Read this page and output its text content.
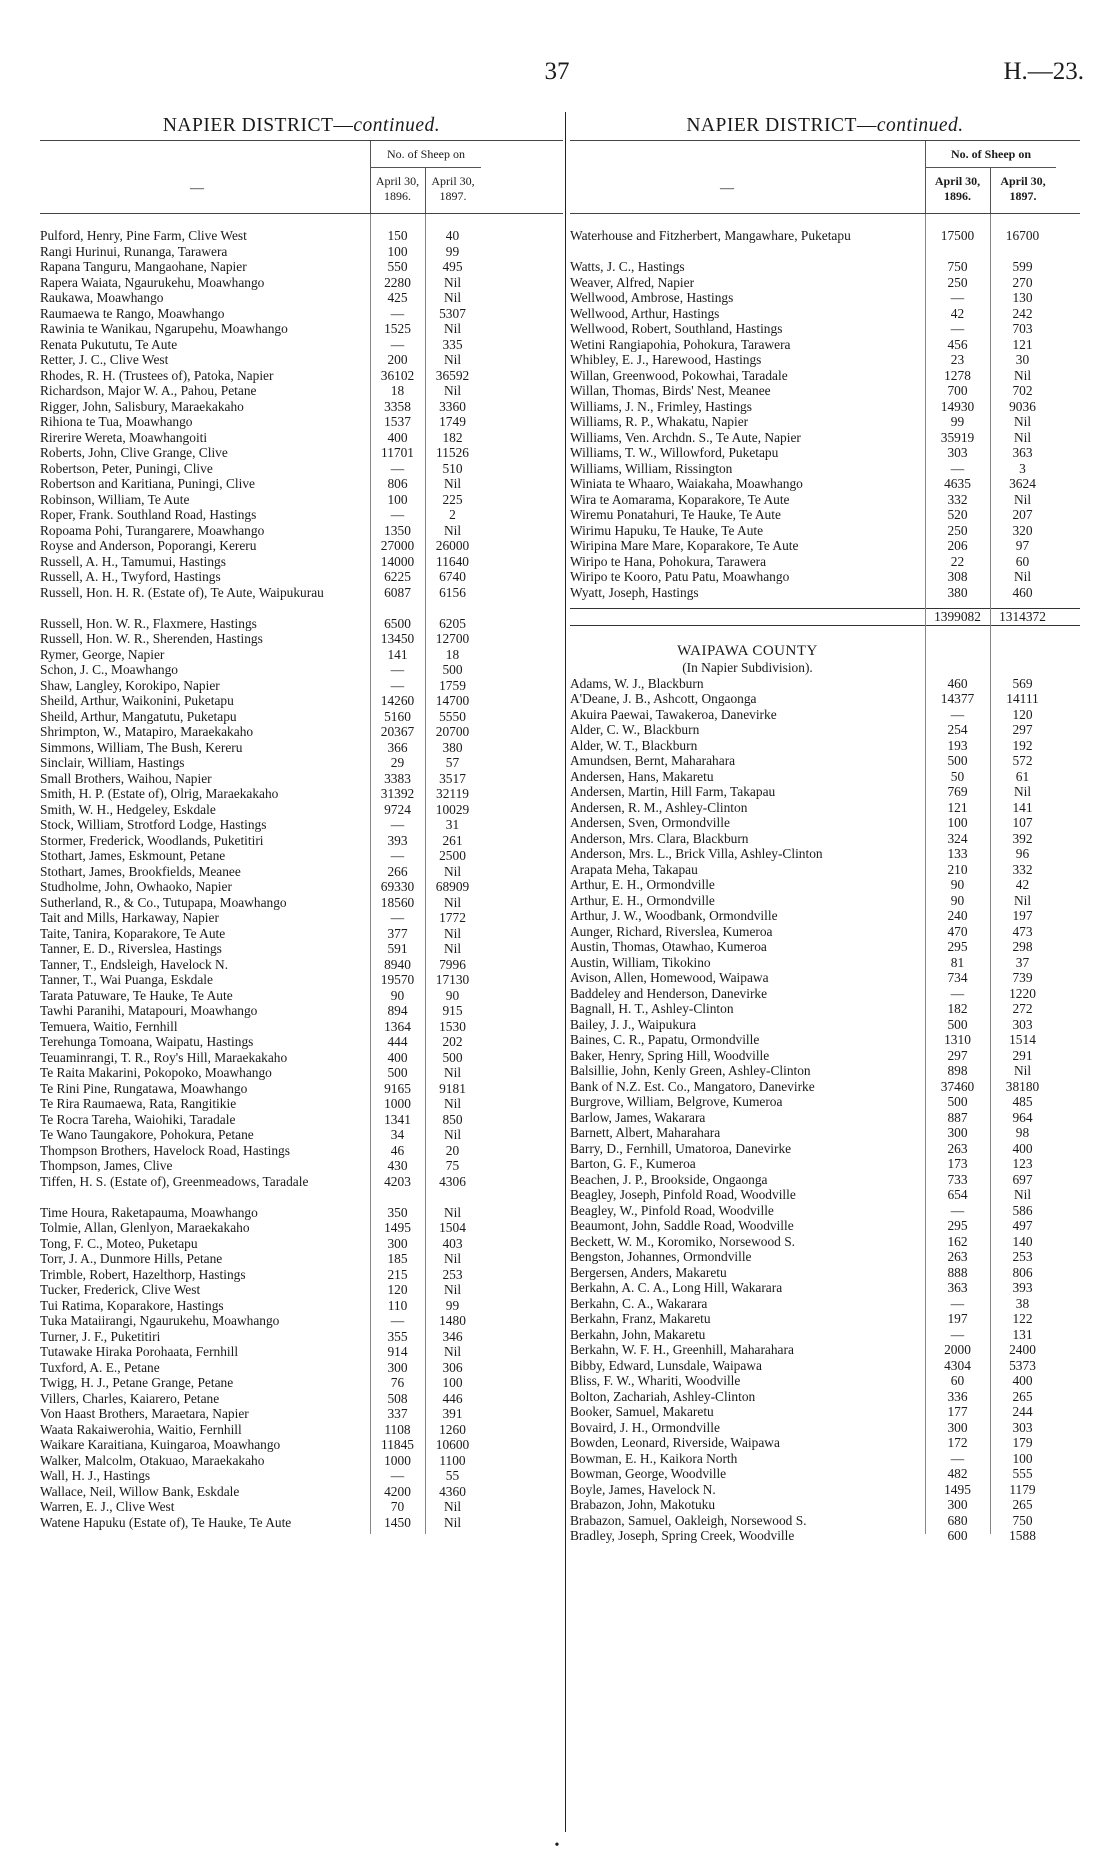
37	H.—23.
NAPIER DISTRICT—continued.
—
No. of Sheep on
April 30, 1896.
April 30, 1897.
Pulford, Henry, Pine Farm, Clive West	150	40
Rangi Hurinui, Runanga, Tarawera	100	99
Rapana Tanguru, Mangaohane, Napier	550	495
Rapera Waiata, Ngaurukehu, Moawhango	2280	Nil
Raukawa, Moawhango	425	Nil
Raumaewa te Rango, Moawhango	—	5307
Rawinia te Wanikau, Ngarupehu, Moawhango	1525	Nil
Renata Pukututu, Te Aute	—	335
Retter, J. C., Clive West	200	Nil
Rhodes, R. H. (Trustees of), Patoka, Napier	36102	36592
Richardson, Major W. A., Pahou, Petane	18	Nil
Rigger, John, Salisbury, Maraekakaho	3358	3360
Rihiona te Tua, Moawhango	1537	1749
Rirerire Wereta, Moawhangoiti	400	182
Roberts, John, Clive Grange, Clive	11701	11526
Robertson, Peter, Puningi, Clive	—	510
Robertson and Karitiana, Puningi, Clive	806	Nil
Robinson, William, Te Aute	100	225
Roper, Frank. Southland Road, Hastings	—	2
Ropoama Pohi, Turangarere, Moawhango	1350	Nil
Royse and Anderson, Poporangi, Kereru	27000	26000
Russell, A. H., Tamumui, Hastings	14000	11640
Russell, A. H., Twyford, Hastings	6225	6740
Russell, Hon. H. R. (Estate of), Te Aute, Waipukurau	6087	6156
Russell, Hon. W. R., Flaxmere, Hastings	6500	6205
Russell, Hon. W. R., Sherenden, Hastings	13450	12700
Rymer, George, Napier	141	18
Schon, J. C., Moawhango	—	500
Shaw, Langley, Korokipo, Napier	—	1759
Sheild, Arthur, Waikonini, Puketapu	14260	14700
Sheild, Arthur, Mangatutu, Puketapu	5160	5550
Shrimpton, W., Matapiro, Maraekakaho	20367	20700
Simmons, William, The Bush, Kereru	366	380
Sinclair, William, Hastings	29	57
Small Brothers, Waihou, Napier	3383	3517
Smith, H. P. (Estate of), Olrig, Maraekakaho	31392	32119
Smith, W. H., Hedgeley, Eskdale	9724	10029
Stock, William, Strotford Lodge, Hastings	—	31
Stormer, Frederick, Woodlands, Puketitiri	393	261
Stothart, James, Eskmount, Petane	—	2500
Stothart, James, Brookfields, Meanee	266	Nil
Studholme, John, Owhaoko, Napier	69330	68909
Sutherland, R., & Co., Tutupapa, Moawhango	18560	Nil
Tait and Mills, Harkaway, Napier	—	1772
Taite, Tanira, Koparakore, Te Aute	377	Nil
Tanner, E. D., Riverslea, Hastings	591	Nil
Tanner, T., Endsleigh, Havelock N.	8940	7996
Tanner, T., Wai Puanga, Eskdale	19570	17130
Tarata Patuware, Te Hauke, Te Aute	90	90
Tawhi Paranihi, Matapouri, Moawhango	894	915
Temuera, Waitio, Fernhill	1364	1530
Terehunga Tomoana, Waipatu, Hastings	444	202
Teuaminrangi, T. R., Roy's Hill, Maraekakaho	400	500
Te Raita Makarini, Pokopoko, Moawhango	500	Nil
Te Rini Pine, Rungatawa, Moawhango	9165	9181
Te Rira Raumaewa, Rata, Rangitikie	1000	Nil
Te Rocra Tareha, Waiohiki, Taradale	1341	850
Te Wano Taungakore, Pohokura, Petane	34	Nil
Thompson Brothers, Havelock Road, Hastings	46	20
Thompson, James, Clive	430	75
Tiffen, H. S. (Estate of), Greenmeadows, Taradale	4203	4306
Time Houra, Raketapauma, Moawhango	350	Nil
Tolmie, Allan, Glenlyon, Maraekakaho	1495	1504
Tong, F. C., Moteo, Puketapu	300	403
Torr, J. A., Dunmore Hills, Petane	185	Nil
Trimble, Robert, Hazelthorp, Hastings	215	253
Tucker, Frederick, Clive West	120	Nil
Tui Ratima, Koparakore, Hastings	110	99
Tuka Mataiirangi, Ngaurukehu, Moawhango	—	1480
Turner, J. F., Puketitiri	355	346
Tutawake Hiraka Porohaata, Fernhill	914	Nil
Tuxford, A. E., Petane	300	306
Twigg, H. J., Petane Grange, Petane	76	100
Villers, Charles, Kaiarero, Petane	508	446
Von Haast Brothers, Maraetara, Napier	337	391
Waata Rakaiwerohia, Waitio, Fernhill	1108	1260
Waikare Karaitiana, Kuingaroa, Moawhango	11845	10600
Walker, Malcolm, Otakuao, Maraekakaho	1000	1100
Wall, H. J., Hastings	—	55
Wallace, Neil, Willow Bank, Eskdale	4200	4360
Warren, E. J., Clive West	70	Nil
Watene Hapuku (Estate of), Te Hauke, Te Aute	1450	Nil
NAPIER DISTRICT—continued.
—
No. of Sheep on
April 30, 1896.
April 30, 1897.
Waterhouse and Fitzherbert, Mangawhare, Puketapu	17500	16700
Watts, J. C., Hastings	750	599
Weaver, Alfred, Napier	250	270
Wellwood, Ambrose, Hastings	—	130
Wellwood, Arthur, Hastings	42	242
Wellwood, Robert, Southland, Hastings	—	703
Wetini Rangiapohia, Pohokura, Tarawera	456	121
Whibley, E. J., Harewood, Hastings	23	30
Willan, Greenwood, Pokowhai, Taradale	1278	Nil
Willan, Thomas, Birds' Nest, Meanee	700	702
Williams, J. N., Frimley, Hastings	14930	9036
Williams, R. P., Whakatu, Napier	99	Nil
Williams, Ven. Archdn. S., Te Aute, Napier	35919	Nil
Williams, T. W., Willowford, Puketapu	303	363
Williams, William, Rissington	—	3
Winiata te Whaaro, Waiakaha, Moawhango	4635	3624
Wira te Aomarama, Koparakore, Te Aute	332	Nil
Wiremu Ponatahuri, Te Hauke, Te Aute	520	207
Wirimu Hapuku, Te Hauke, Te Aute	250	320
Wiripina Mare Mare, Koparakore, Te Aute	206	97
Wiripo te Hana, Pohokura, Tarawera	22	60
Wiripo te Kooro, Patu Patu, Moawhango	308	Nil
Wyatt, Joseph, Hastings	380	460
1399082	1314372
WAIPAWA COUNTY
(In Napier Subdivision).
Adams, W. J., Blackburn	460	569
A'Deane, J. B., Ashcott, Ongaonga	14377	14111
Akuira Paewai, Tawakeroa, Danevirke	—	120
Alder, C. W., Blackburn	254	297
Alder, W. T., Blackburn	193	192
Amundsen, Bernt, Maharahara	500	572
Andersen, Hans, Makaretu	50	61
Andersen, Martin, Hill Farm, Takapau	769	Nil
Andersen, R. M., Ashley-Clinton	121	141
Andersen, Sven, Ormondville	100	107
Anderson, Mrs. Clara, Blackburn	324	392
Anderson, Mrs. L., Brick Villa, Ashley-Clinton	133	96
Arapata Meha, Takapau	210	332
Arthur, E. H., Ormondville	90	42
Arthur, E. H., Ormondville	90	Nil
Arthur, J. W., Woodbank, Ormondville	240	197
Aunger, Richard, Riverslea, Kumeroa	470	473
Austin, Thomas, Otawhao, Kumeroa	295	298
Austin, William, Tikokino	81	37
Avison, Allen, Homewood, Waipawa	734	739
Baddeley and Henderson, Danevirke	—	1220
Bagnall, H. T., Ashley-Clinton	182	272
Bailey, J. J., Waipukura	500	303
Baines, C. R., Papatu, Ormondville	1310	1514
Baker, Henry, Spring Hill, Woodville	297	291
Balsillie, John, Kenly Green, Ashley-Clinton	898	Nil
Bank of N.Z. Est. Co., Mangatoro, Danevirke	37460	38180
Burgrove, William, Belgrove, Kumeroa	500	485
Barlow, James, Wakarara	887	964
Barnett, Albert, Maharahara	300	98
Barry, D., Fernhill, Umatoroa, Danevirke	263	400
Barton, G. F., Kumeroa	173	123
Beachen, J. P., Brookside, Ongaonga	733	697
Beagley, Joseph, Pinfold Road, Woodville	654	Nil
Beagley, W., Pinfold Road, Woodville	—	586
Beaumont, John, Saddle Road, Woodville	295	497
Beckett, W. M., Koromiko, Norsewood S.	162	140
Bengston, Johannes, Ormondville	263	253
Bergersen, Anders, Makaretu	888	806
Berkahn, A. C. A., Long Hill, Wakarara	363	393
Berkahn, C. A., Wakarara	—	38
Berkahn, Franz, Makaretu	197	122
Berkahn, John, Makaretu	—	131
Berkahn, W. F. H., Greenhill, Maharahara	2000	2400
Bibby, Edward, Lunsdale, Waipawa	4304	5373
Bliss, F. W., Whariti, Woodville	60	400
Bolton, Zachariah, Ashley-Clinton	336	265
Booker, Samuel, Makaretu	177	244
Bovaird, J. H., Ormondville	300	303
Bowden, Leonard, Riverside, Waipawa	172	179
Bowman, E. H., Kaikora North	—	100
Bowman, George, Woodville	482	555
Boyle, James, Havelock N.	1495	1179
Brabazon, John, Makotuku	300	265
Brabazon, Samuel, Oakleigh, Norsewood S.	680	750
Bradley, Joseph, Spring Creek, Woodville	600	1588
•
